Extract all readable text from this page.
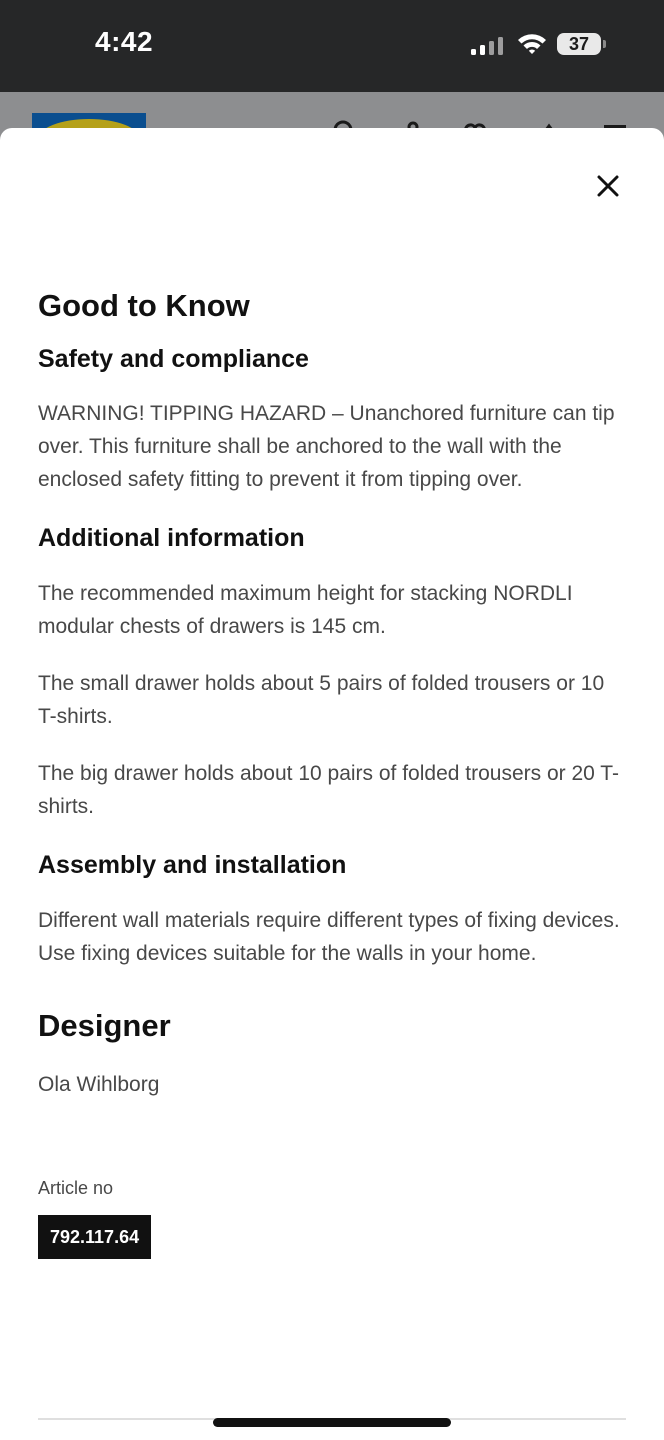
4:42	37
Good to Know
Safety and compliance

WARNING! TIPPING HAZARD – Unanchored furniture can tip over. This furniture shall be anchored to the wall with the enclosed safety fitting to prevent it from tipping over.

Additional information

The recommended maximum height for stacking NORDLI modular chests of drawers is 145 cm.

The small drawer holds about 5 pairs of folded trousers or 10 T-shirts.

The big drawer holds about 10 pairs of folded trousers or 20 T-shirts.

Assembly and installation

Different wall materials require different types of fixing devices. Use fixing devices suitable for the walls in your home.

Designer

Ola Wihlborg

Article no

792.117.64
